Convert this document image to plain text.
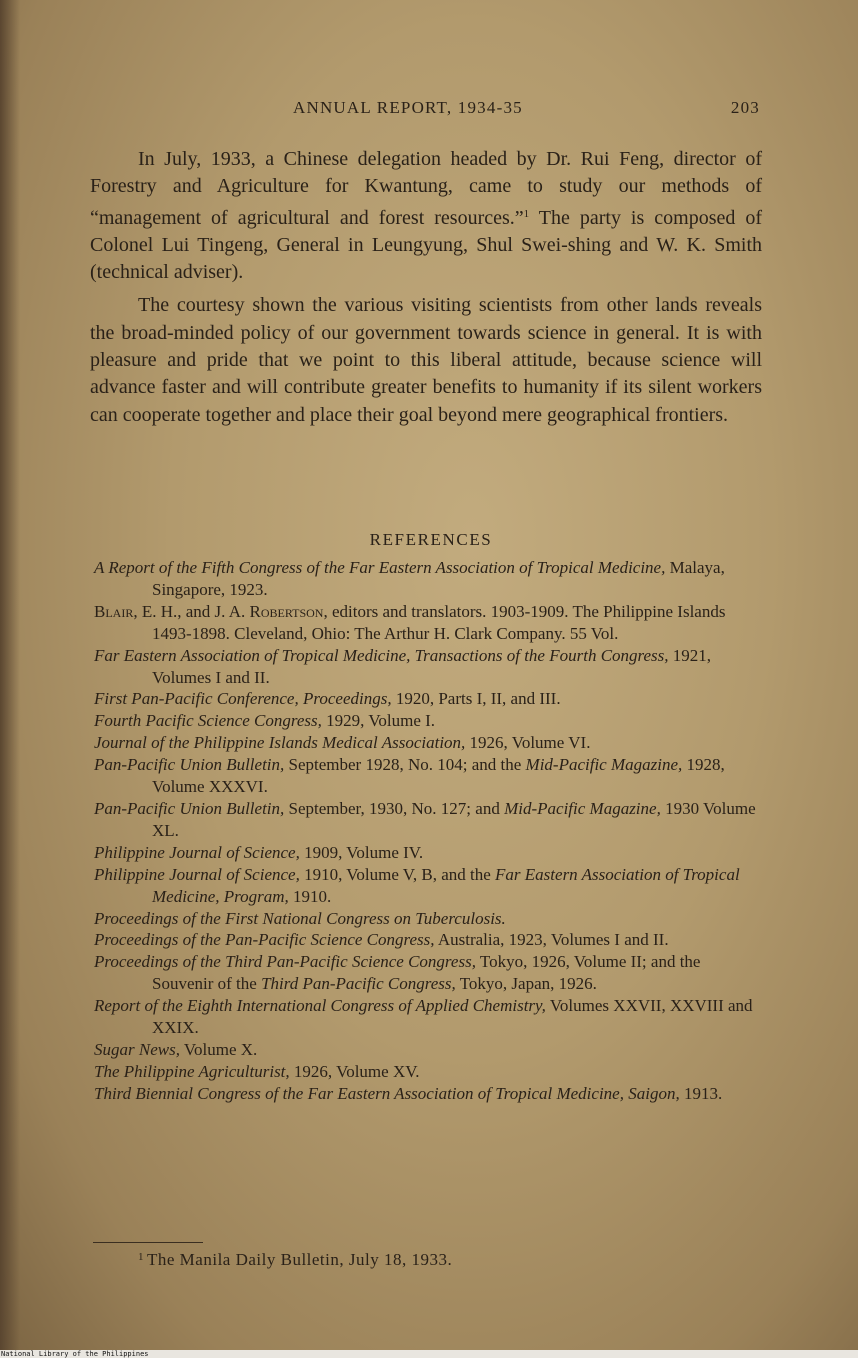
ANNUAL REPORT, 1934-35	203

In July, 1933, a Chinese delegation headed by Dr. Rui Feng, director of Forestry and Agriculture for Kwantung, came to study our methods of “management of agricultural and forest resources.”$^1$ The party is composed of Colonel Lui Tingeng, General in Leungyung, Shul Swei-shing and W. K. Smith (technical adviser).

The courtesy shown the various visiting scientists from other lands reveals the broad-minded policy of our government towards science in general. It is with pleasure and pride that we point to this liberal attitude, because science will advance faster and will contribute greater benefits to humanity if its silent workers can cooperate together and place their goal beyond mere geographical frontiers.

REFERENCES

A Report of the Fifth Congress of the Far Eastern Association of Tropical Medicine, Malaya, Singapore, 1923.

Blair, E. H., and J. A. Robertson, editors and translators. 1903-1909. The Philippine Islands 1493-1898. Cleveland, Ohio: The Arthur H. Clark Company. 55 Vol.

Far Eastern Association of Tropical Medicine, Transactions of the Fourth Congress, 1921, Volumes I and II.

First Pan-Pacific Conference, Proceedings, 1920, Parts I, II, and III.

Fourth Pacific Science Congress, 1929, Volume I.

Journal of the Philippine Islands Medical Association, 1926, Volume VI.

Pan-Pacific Union Bulletin, September 1928, No. 104; and the Mid-Pacific Magazine, 1928, Volume XXXVI.

Pan-Pacific Union Bulletin, September, 1930, No. 127; and Mid-Pacific Magazine, 1930 Volume XL.

Philippine Journal of Science, 1909, Volume IV.

Philippine Journal of Science, 1910, Volume V, B, and the Far Eastern Association of Tropical Medicine, Program, 1910.

Proceedings of the First National Congress on Tuberculosis.

Proceedings of the Pan-Pacific Science Congress, Australia, 1923, Volumes I and II.

Proceedings of the Third Pan-Pacific Science Congress, Tokyo, 1926, Volume II; and the Souvenir of the Third Pan-Pacific Congress, Tokyo, Japan, 1926.

Report of the Eighth International Congress of Applied Chemistry, Volumes XXVII, XXVIII and XXIX.

Sugar News, Volume X.

The Philippine Agriculturist, 1926, Volume XV.

Third Biennial Congress of the Far Eastern Association of Tropical Medicine, Saigon, 1913.

$^1$ The Manila Daily Bulletin, July 18, 1933.
National Library of the Philippines
